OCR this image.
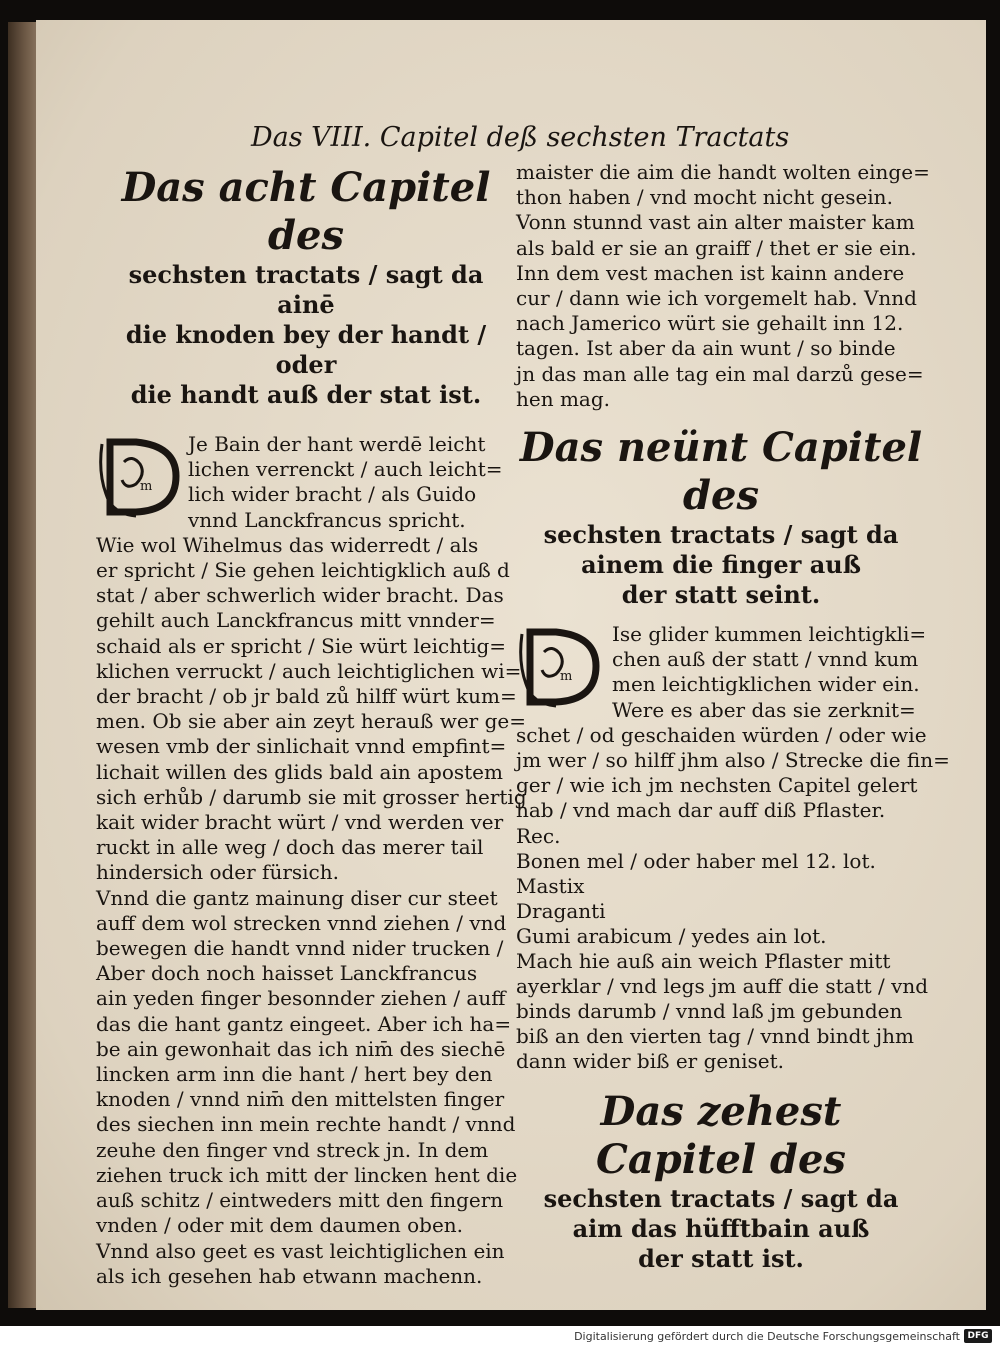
Das VIII. Capitel deß sechsten Tractats
Das acht Capitel des
sechsten tractats / sagt da ainē
die knoden bey der handt / oder
die handt auß der stat ist.
m
Je Bain der hant werdē leicht
lichen verrenckt / auch leicht=
lich wider bracht / als Guido
vnnd Lanckfrancus spricht.
Wie wol Wihelmus das widerredt / als
er spricht / Sie gehen leichtigklich auß d
stat / aber schwerlich wider bracht. Das
gehilt auch Lanckfrancus mitt vnnder=
schaid als er spricht / Sie würt leichtig=
klichen verruckt / auch leichtiglichen wi=
der bracht / ob jr bald zů hilff würt kum=
men. Ob sie aber ain zeyt herauß wer ge=
wesen vmb der sinlichait vnnd empfint=
lichait willen des glids bald ain apostem
sich erhůb / darumb sie mit grosser hertig
kait wider bracht würt / vnd werden ver
ruckt in alle weg / doch das merer tail
hindersich oder fürsich.
Vnnd die gantz mainung diser cur steet
auff dem wol strecken vnnd ziehen / vnd
bewegen die handt vnnd nider trucken /
Aber doch noch haisset Lanckfrancus
ain yeden finger besonnder ziehen / auff
das die hant gantz eingeet. Aber ich ha=
be ain gewonhait das ich nim̄ des siechē
lincken arm inn die hant / hert bey den
knoden / vnnd nim̄ den mittelsten finger
des siechen inn mein rechte handt / vnnd
zeuhe den finger vnd streck jn. In dem
ziehen truck ich mitt der lincken hent die
auß schitz / eintweders mitt den fingern
vnden / oder mit dem daumen oben.
Vnnd also geet es vast leichtiglichen ein
als ich gesehen hab etwann machenn.
maister die aim die handt wolten einge=
thon haben / vnd mocht nicht gesein.
Vonn stunnd vast ain alter maister kam
als bald er sie an graiff / thet er sie ein.
Inn dem vest machen ist kainn andere
cur / dann wie ich vorgemelt hab. Vnnd
nach Jamerico würt sie gehailt inn 12.
tagen. Ist aber da ain wunt / so binde
jn das man alle tag ein mal darzů gese=
hen mag.
Das neünt Capitel des
sechsten tractats / sagt da
ainem die finger auß
der statt seint.
m
Ise glider kummen leichtigkli=
chen auß der statt / vnnd kum
men leichtigklichen wider ein.
Were es aber das sie zerknit=
schet / od geschaiden würden / oder wie
jm wer / so hilff jhm also / Strecke die fin=
ger / wie ich jm nechsten Capitel gelert
hab / vnd mach dar auff diß Pflaster.
Rec.
Bonen mel / oder haber mel 12. lot.
Mastix
Draganti
Gumi arabicum / yedes ain lot.
Mach hie auß ain weich Pflaster mitt
ayerklar / vnd legs jm auff die statt / vnd
binds darumb / vnnd laß jm gebunden
biß an den vierten tag / vnnd bindt jhm
dann wider biß er geniset.
Das zehest Capitel des
sechsten tractats / sagt da
aim das hüfftbain auß
der statt ist.
Digitalisierung gefördert durch die Deutsche Forschungsgemeinschaft DFG
